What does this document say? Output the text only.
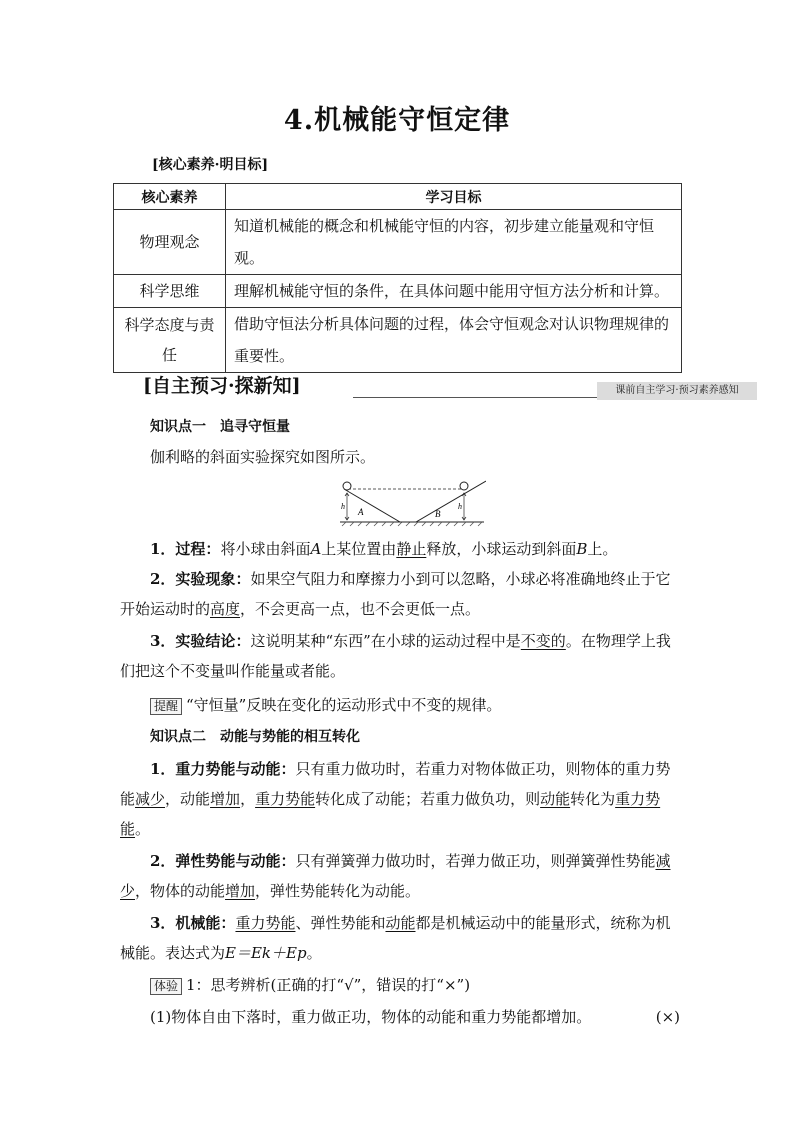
4.机械能守恒定律
[核心素养·明目标]
核心素养	学习目标
物理观念	知道机械能的概念和机械能守恒的内容，初步建立能量观和守恒观。
科学思维	理解机械能守恒的条件，在具体问题中能用守恒方法分析和计算。
科学态度与责任	借助守恒法分析具体问题的过程，体会守恒观念对认识物理规律的重要性。
[自主预习·探新知]	课前自主学习·预习素养感知
知识点一　追寻守恒量
伽利略的斜面实验探究如图所示。
h	h
A	B
1．过程：将小球由斜面A上某位置由静止释放，小球运动到斜面B上。
2．实验现象：如果空气阻力和摩擦力小到可以忽略，小球必将准确地终止于它开始运动时的高度，不会更高一点，也不会更低一点。
3．实验结论：这说明某种“东西”在小球的运动过程中是不变的。在物理学上我们把这个不变量叫作能量或者能。
提醒 “守恒量”反映在变化的运动形式中不变的规律。
知识点二　动能与势能的相互转化
1．重力势能与动能：只有重力做功时，若重力对物体做正功，则物体的重力势能减少，动能增加，重力势能转化成了动能；若重力做负功，则动能转化为重力势能。
2．弹性势能与动能：只有弹簧弹力做功时，若弹力做正功，则弹簧弹性势能减少，物体的动能增加，弹性势能转化为动能。
3．机械能：重力势能、弹性势能和动能都是机械运动中的能量形式，统称为机械能。表达式为E＝Ek＋Ep。
体验 1：思考辨析(正确的打“√”，错误的打“×”)
(1)物体自由下落时，重力做正功，物体的动能和重力势能都增加。	(×)
